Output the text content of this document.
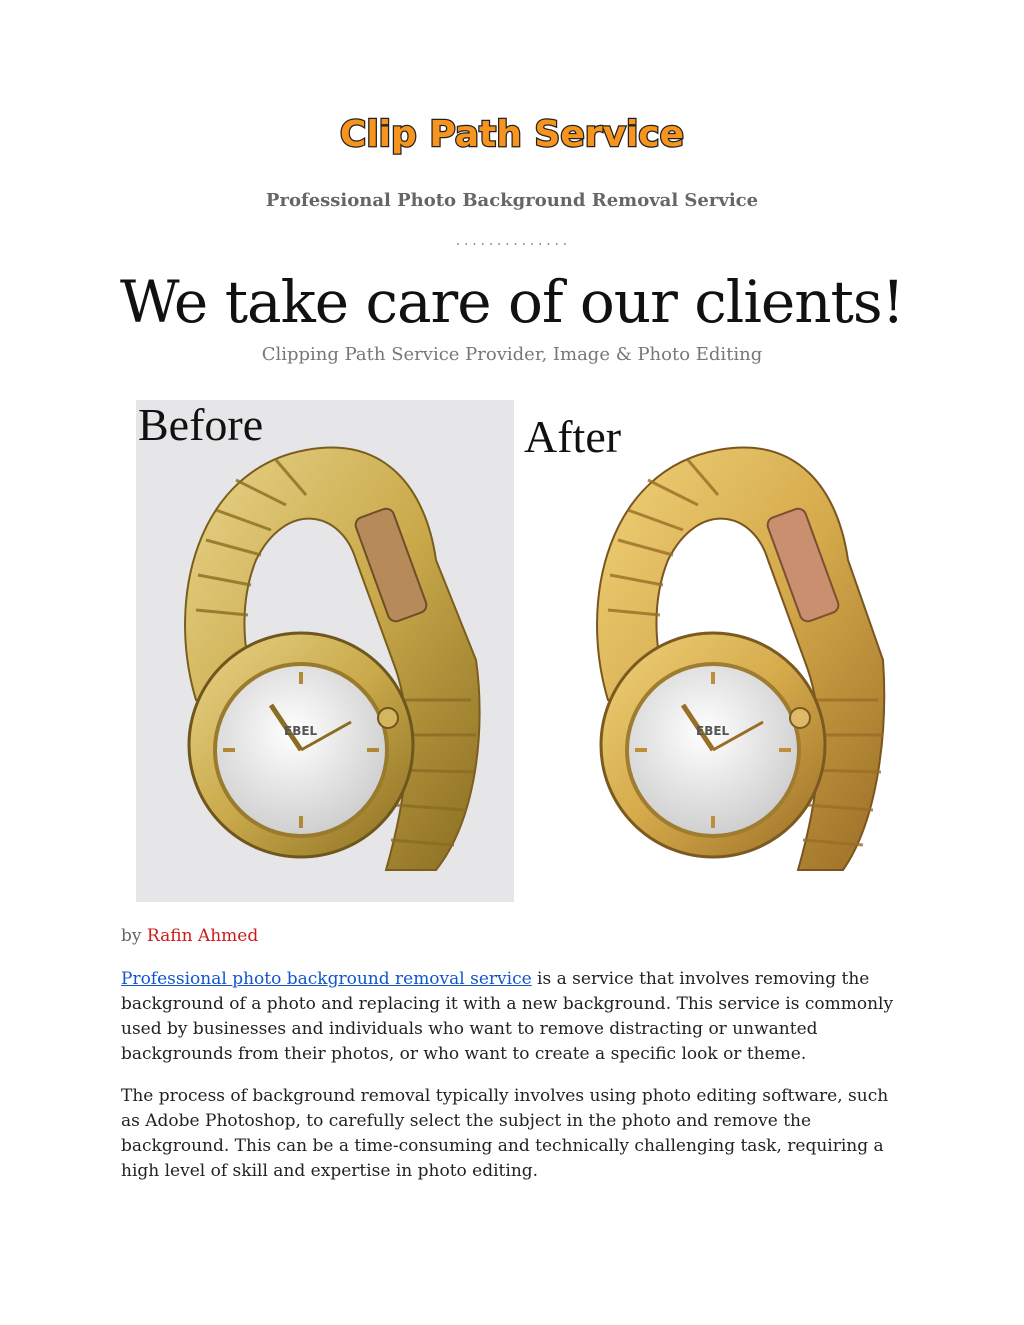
Clip Path Service
Professional Photo Background Removal Service
..............
We take care of our clients!
Clipping Path Service Provider, Image & Photo Editing
Before
EBEL
After
EBEL
by Rafin Ahmed

Professional photo background removal service is a service that involves removing the background of a photo and replacing it with a new background. This service is commonly used by businesses and individuals who want to remove distracting or unwanted backgrounds from their photos, or who want to create a specific look or theme.

The process of background removal typically involves using photo editing software, such as Adobe Photoshop, to carefully select the subject in the photo and remove the background. This can be a time-consuming and technically challenging task, requiring a high level of skill and expertise in photo editing.
